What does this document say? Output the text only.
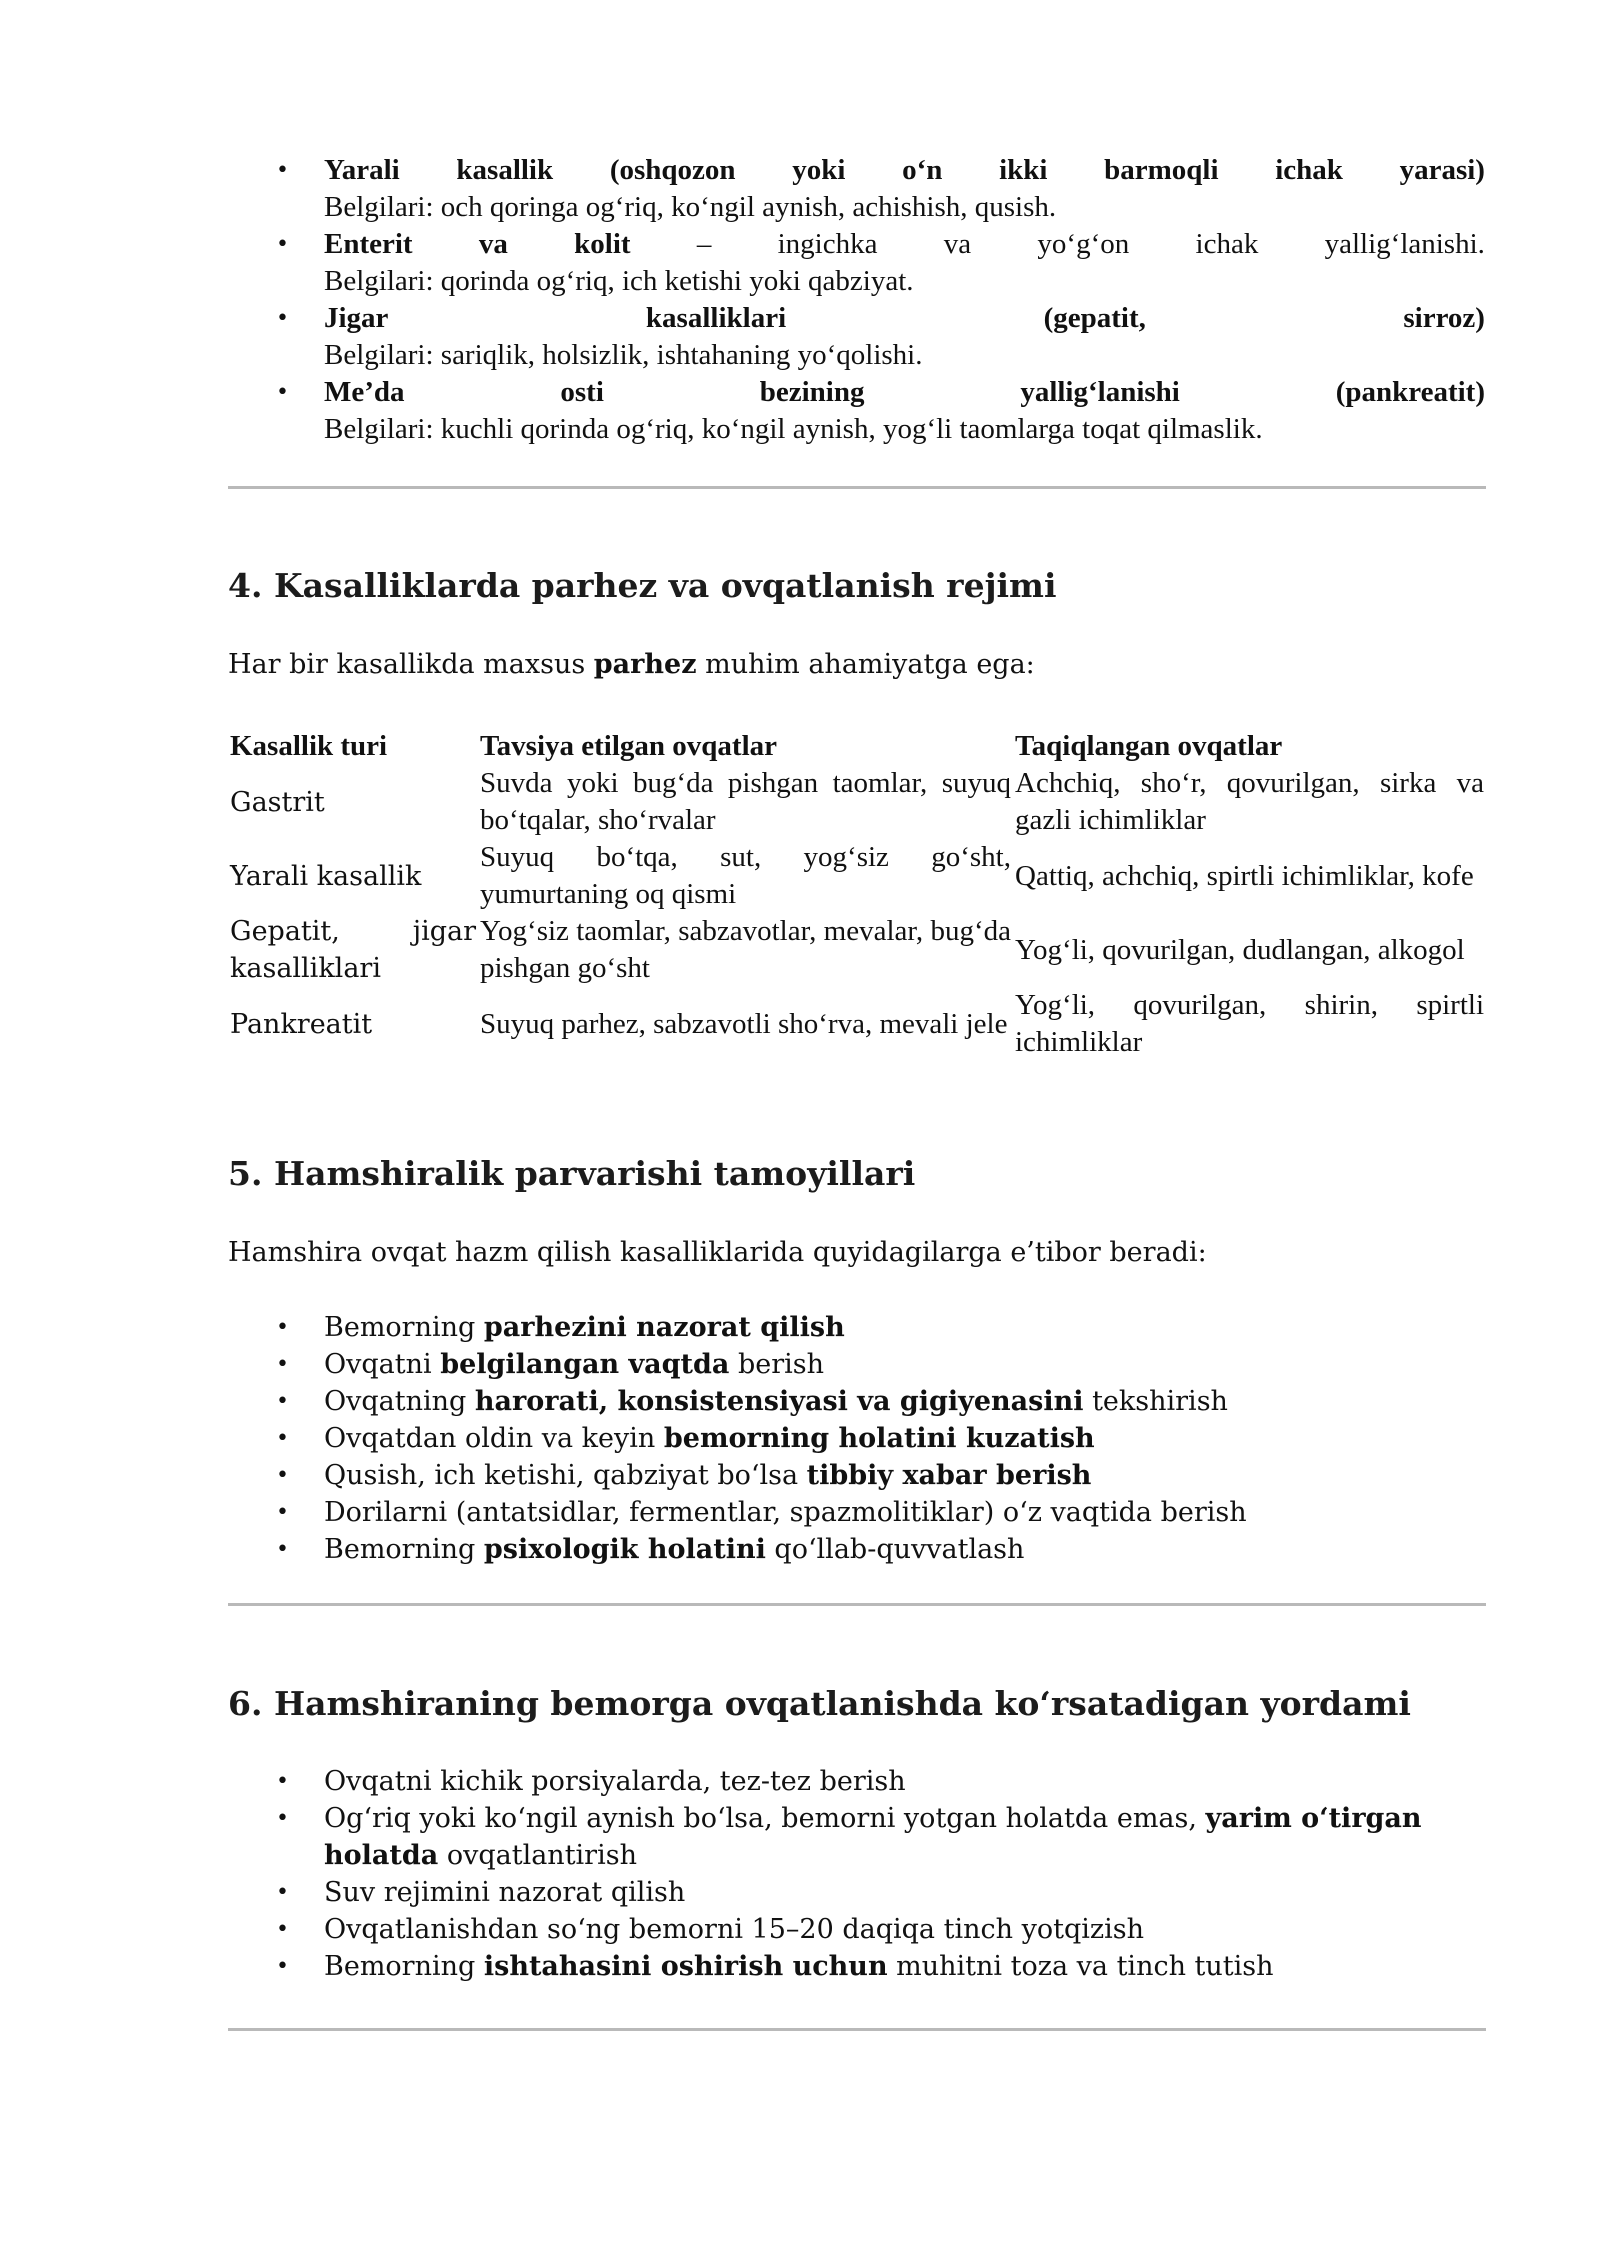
•	Yarali kasallik (oshqozon yoki o‘n ikki barmoqli ichak yarasi)
Belgilari: och qoringa og‘riq, ko‘ngil aynish, achishish, qusish.
•	Enterit va kolit – ingichka va yo‘g‘on ichak yallig‘lanishi.
Belgilari: qorinda og‘riq, ich ketishi yoki qabziyat.
•	Jigar	kasalliklari	(gepatit,	sirroz)
Belgilari: sariqlik, holsizlik, ishtahaning yo‘qolishi.
•	Me’da	osti	bezining	yallig‘lanishi	(pankreatit)
Belgilari: kuchli qorinda og‘riq, ko‘ngil aynish, yog‘li taomlarga toqat qilmaslik.
4. Kasalliklarda parhez va ovqatlanish rejimi

Har bir kasallikda maxsus parhez muhim ahamiyatga ega:

Kasallik turi	Tavsiya etilgan ovqatlar	Taqiqlangan ovqatlar
Gastrit	Suvda yoki bug‘da pishgan taomlar, suyuq bo‘tqalar, sho‘rvalar	Achchiq, sho‘r, qovurilgan, sirka va gazli ichimliklar
Yarali kasallik	Suyuq bo‘tqa, sut, yog‘siz go‘sht, yumurtaning oq qismi	Qattiq, achchiq, spirtli ichimliklar, kofe
Gepatit, jigar kasalliklari	Yog‘siz taomlar, sabzavotlar, mevalar, bug‘da pishgan go‘sht	Yog‘li, qovurilgan, dudlangan, alkogol
Pankreatit	Suyuq parhez, sabzavotli sho‘rva, mevali jele	Yog‘li, qovurilgan, shirin, spirtli ichimliklar
5. Hamshiralik parvarishi tamoyillari

Hamshira ovqat hazm qilish kasalliklarida quyidagilarga e’tibor beradi:

•	Bemorning parhezini nazorat qilish
•	Ovqatni belgilangan vaqtda berish
•	Ovqatning harorati, konsistensiyasi va gigiyenasini tekshirish
•	Ovqatdan oldin va keyin bemorning holatini kuzatish
•	Qusish, ich ketishi, qabziyat bo‘lsa tibbiy xabar berish
•	Dorilarni (antatsidlar, fermentlar, spazmolitiklar) o‘z vaqtida berish
•	Bemorning psixologik holatini qo‘llab-quvvatlash
6. Hamshiraning bemorga ovqatlanishda ko‘rsatadigan yordami
•	Ovqatni kichik porsiyalarda, tez-tez berish
•	Og‘riq yoki ko‘ngil aynish bo‘lsa, bemorni yotgan holatda emas, yarim o‘tirgan holatda ovqatlantirish
•	Suv rejimini nazorat qilish
•	Ovqatlanishdan so‘ng bemorni 15–20 daqiqa tinch yotqizish
•	Bemorning ishtahasini oshirish uchun muhitni toza va tinch tutish
